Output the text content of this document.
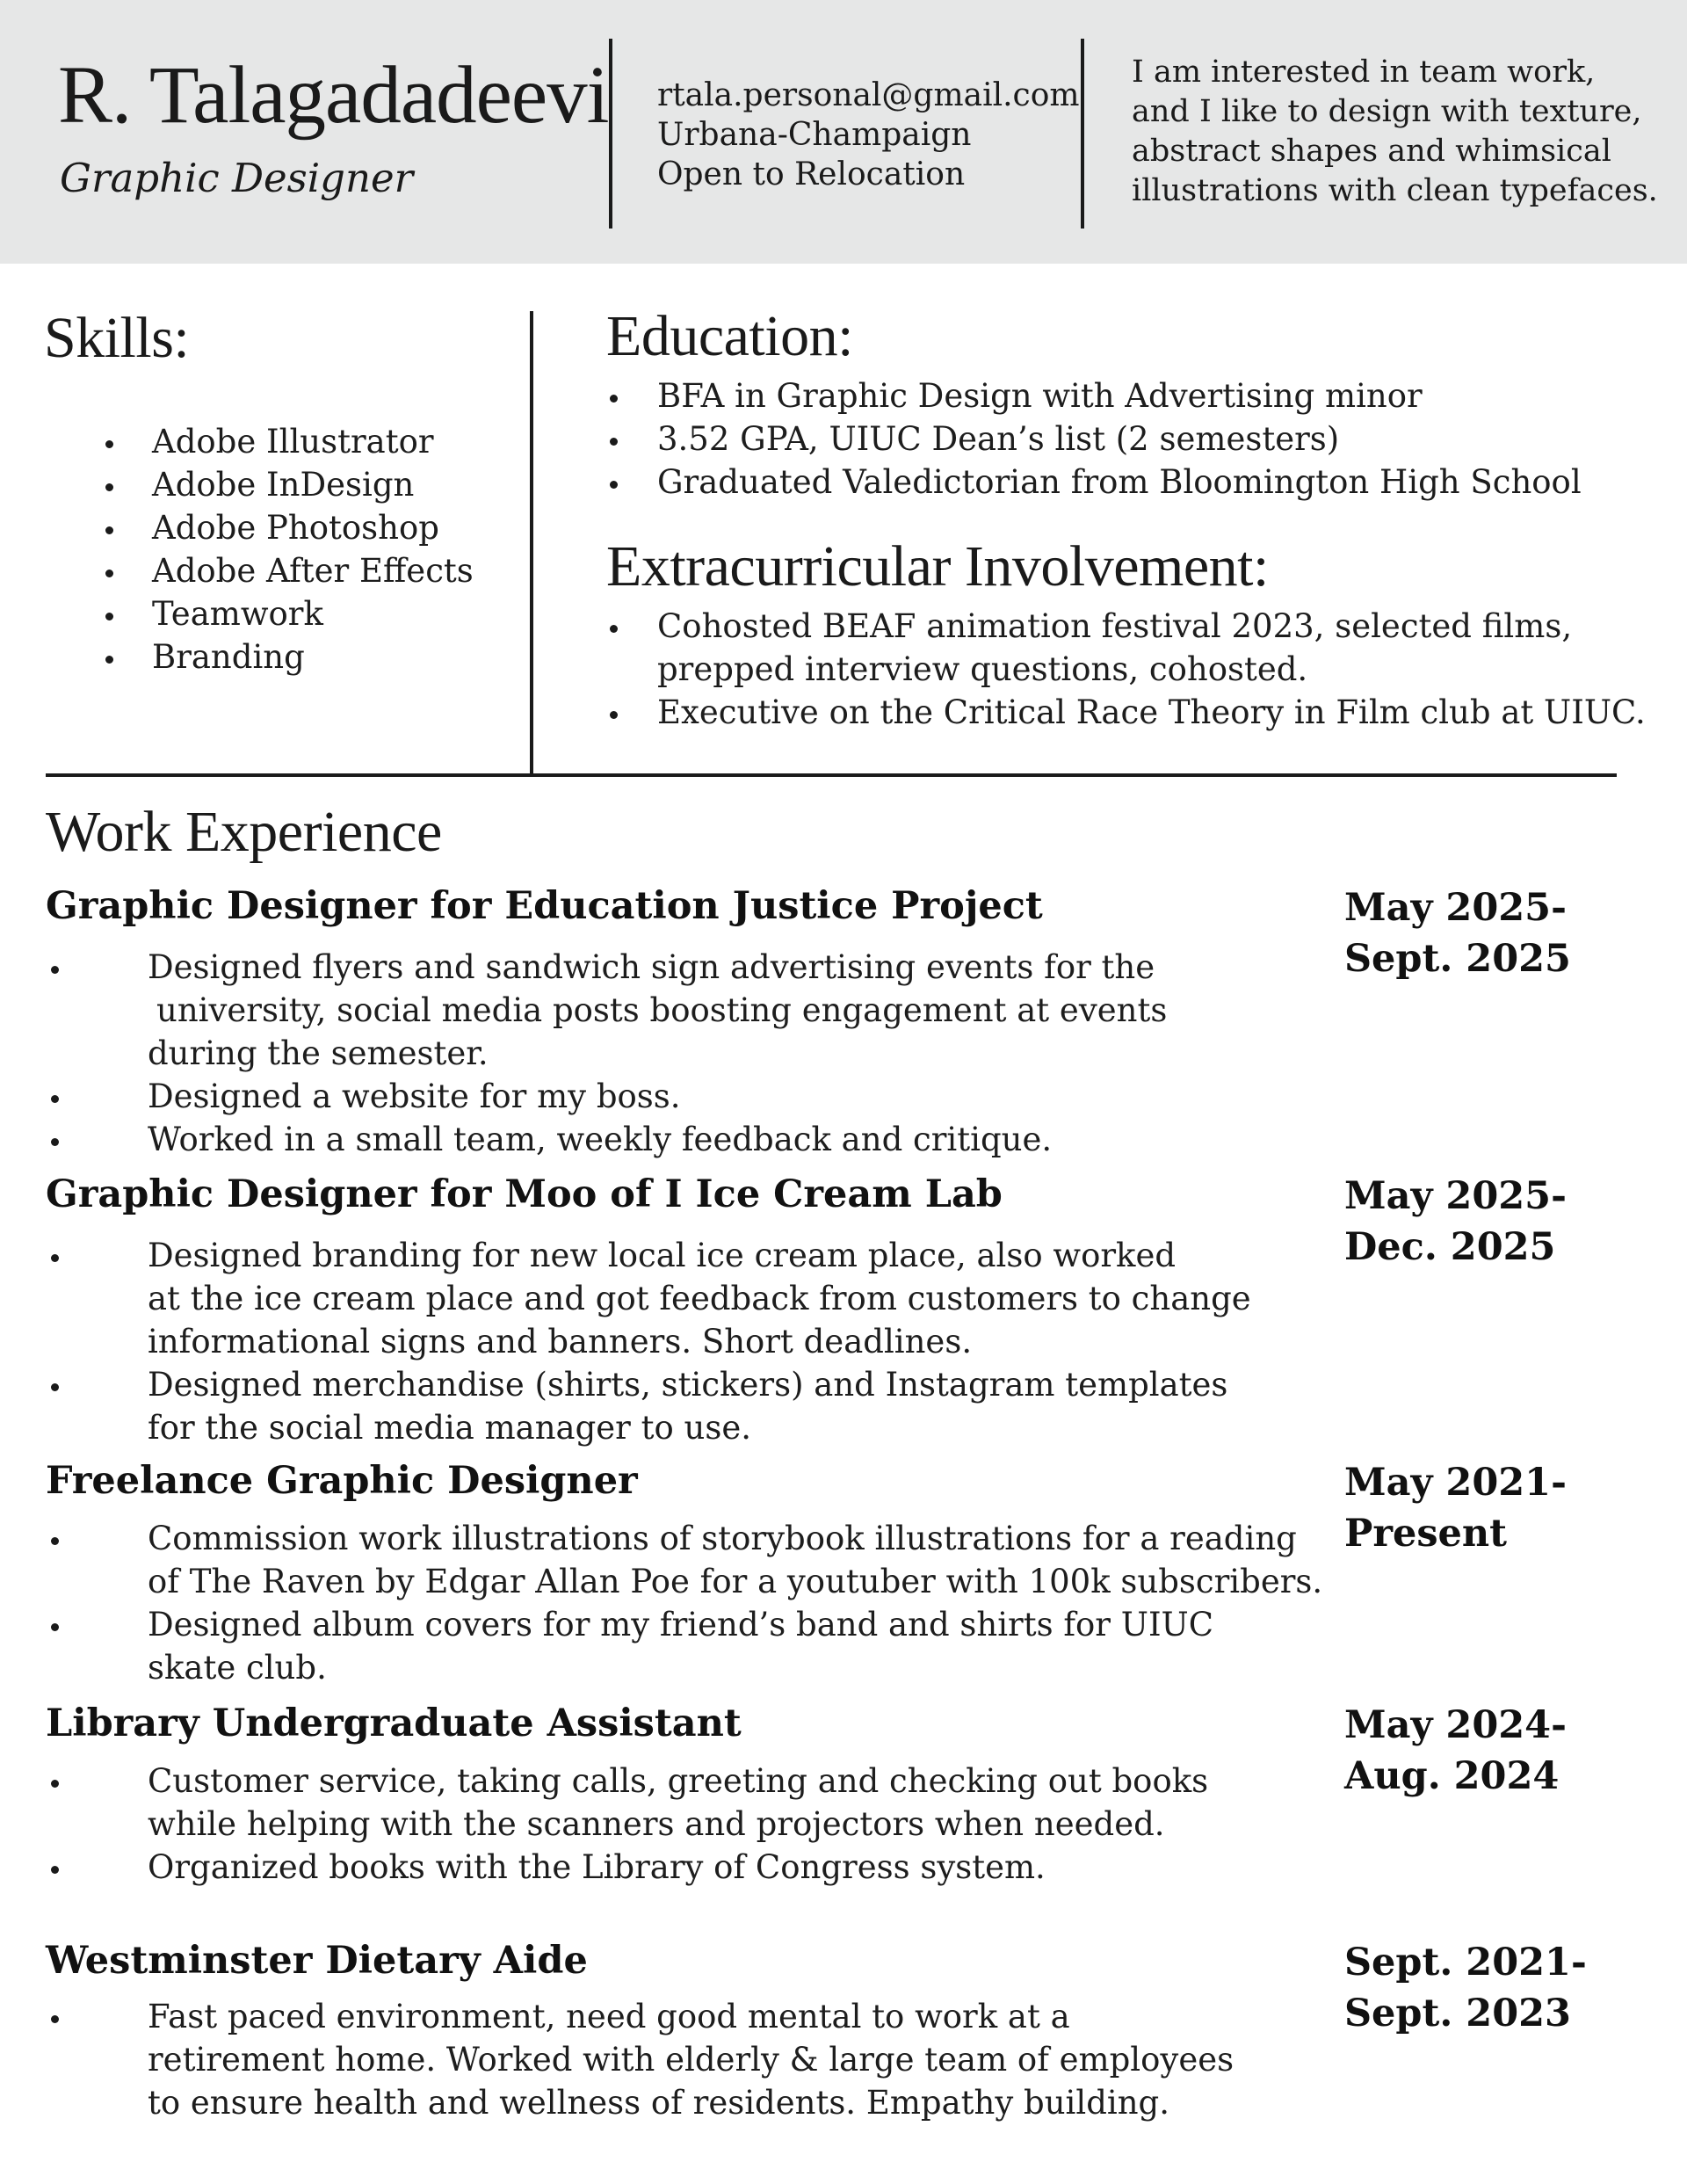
R. Talagadadeevi
Graphic Designer
rtala.personal@gmail.com
Urbana-Champaign
Open to Relocation
I am interested in team work,
and I like to design with texture,
abstract shapes and whimsical
illustrations with clean typefaces.
Skills:
Adobe Illustrator
Adobe InDesign
Adobe Photoshop
Adobe After Effects
Teamwork
Branding
Education:
BFA in Graphic Design with Advertising minor
3.52 GPA, UIUC Dean’s list (2 semesters)
Graduated Valedictorian from Bloomington High School
Extracurricular Involvement:
Cohosted BEAF animation festival 2023, selected films,
prepped interview questions, cohosted.
Executive on the Critical Race Theory in Film club at UIUC.
Work Experience
Graphic Designer for Education Justice Project	May 2025-
Sept. 2025
Designed flyers and sandwich sign advertising events for the
university, social media posts boosting engagement at events
during the semester.
Designed a website for my boss.
Worked in a small team, weekly feedback and critique.
Graphic Designer for Moo of I Ice Cream Lab	May 2025-
Dec. 2025
Designed branding for new local ice cream place, also worked
at the ice cream place and got feedback from customers to change
informational signs and banners. Short deadlines.
Designed merchandise (shirts, stickers) and Instagram templates
for the social media manager to use.
Freelance Graphic Designer	May 2021-
Present
Commission work illustrations of storybook illustrations for a reading
of The Raven by Edgar Allan Poe for a youtuber with 100k subscribers.
Designed album covers for my friend’s band and shirts for UIUC
skate club.
Library Undergraduate Assistant	May 2024-
Aug. 2024
Customer service, taking calls, greeting and checking out books
while helping with the scanners and projectors when needed.
Organized books with the Library of Congress system.
Westminster Dietary Aide	Sept. 2021-
Sept. 2023
Fast paced environment, need good mental to work at a
retirement home. Worked with elderly & large team of employees
to ensure health and wellness of residents. Empathy building.
